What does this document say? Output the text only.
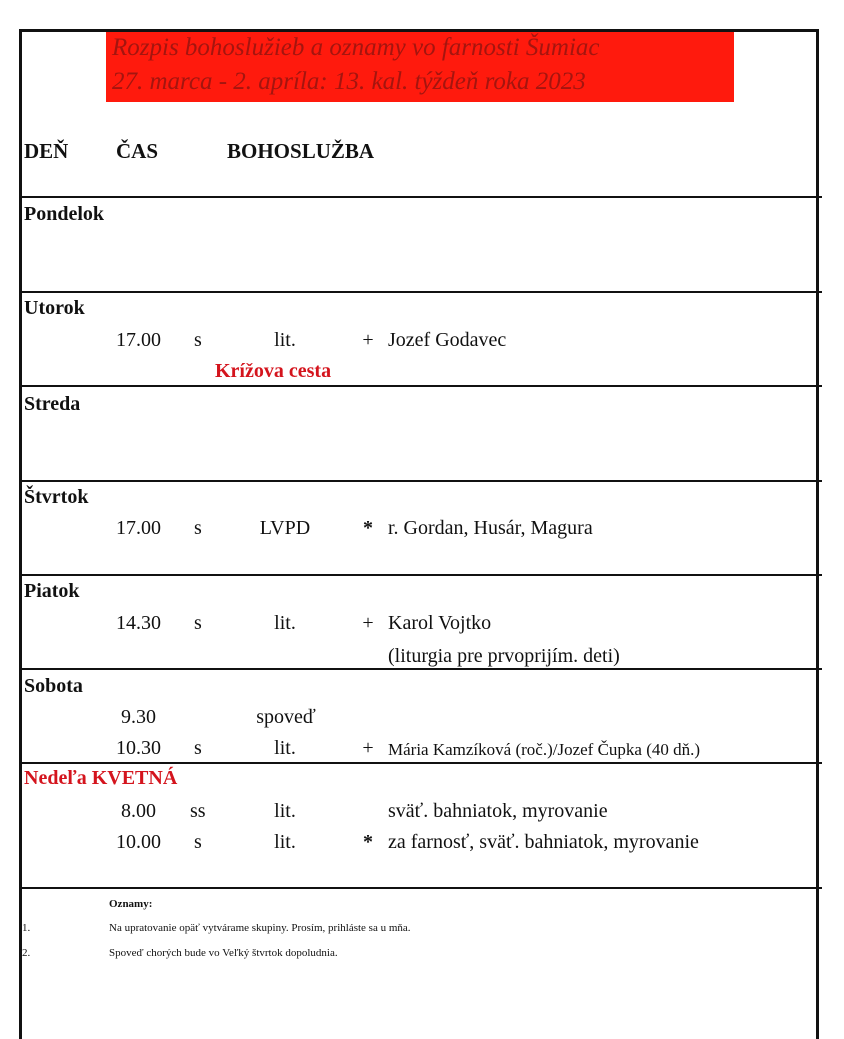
Rozpis bohoslužieb a oznamy vo farnosti Šumiac
27. marca - 2. apríla: 13. kal. týždeň roka 2023
DEŇ ČAS	BOHOSLUŽBA
Pondelok
Utorok
17.00 s	lit.	+ Jozef Godavec
Krížova cesta
Streda
Štvrtok
17.00 s	LVPD	* r. Gordan, Husár, Magura
Piatok
14.30 s	lit.	+ Karol Vojtko
(liturgia pre prvoprijím. deti)
Sobota
9.30	spoveď
10.30 s	lit.	+ Mária Kamzíková (roč.)/Jozef Čupka (40 dň.)
Nedeľa KVETNÁ
8.00 ss	lit.	sväť. bahniatok, myrovanie
10.00 s	lit.	* za farnosť, sväť. bahniatok, myrovanie
Oznamy:
1.	Na upratovanie opäť vytvárame skupiny. Prosím, prihláste sa u mňa.
2.	Spoveď chorých bude vo Veľký štvrtok dopoludnia.
